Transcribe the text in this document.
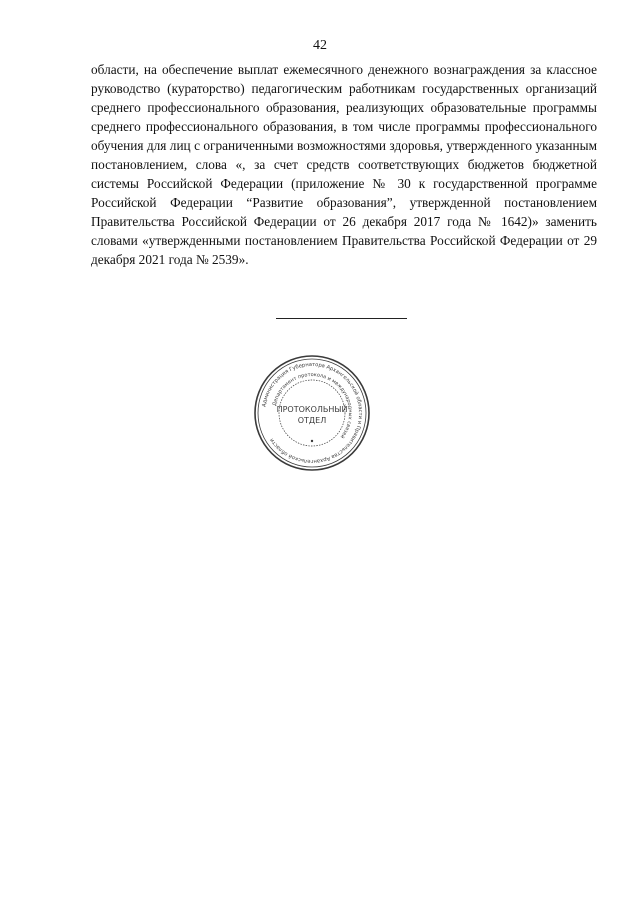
42

области, на обеспечение выплат ежемесячного денежного вознаграждения за классное руководство (кураторство) педагогическим работникам государственных организаций среднего профессионального образования, реализующих образовательные программы среднего профессионального образования, в том числе программы профессионального обучения для лиц с ограниченными возможностями здоровья, утвержденного указанным постановлением, слова «, за счет средств соответствующих бюджетов бюджетной системы Российской Федерации (приложение № 30 к государственной программе Российской Федерации “Развитие образования”, утвержденной постановлением Правительства Российской Федерации от 26 декабря 2017 года № 1642)» заменить словами «утвержденными постановлением Правительства Российской Федерации от 29 декабря 2021 года № 2539».

Администрация Губернатора Архангельской области и Правительства Архангельской области
Департамент протокола и международных связей
ПРОТОКОЛЬНЫЙ
ОТДЕЛ
